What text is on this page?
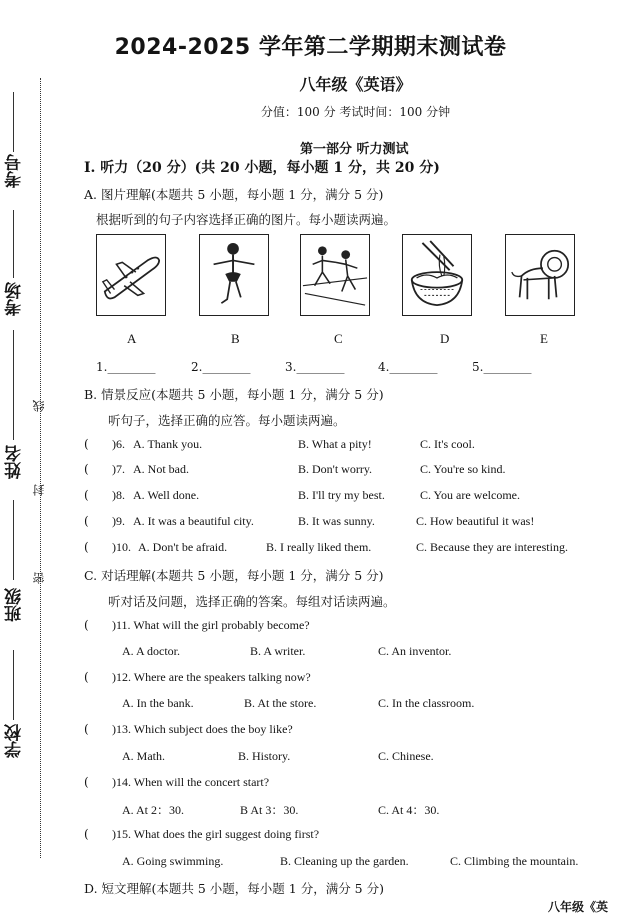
考号
考场
姓名
班级
学校
线
封
密
2024-2025 学年第二学期期末测试卷
八年级《英语》
分值：100 分 考试时间：100 分钟
第一部分 听力测试
Ⅰ. 听力（20 分）(共 20 小题，每小题 1 分，共 20 分)
A. 图片理解(本题共 5 小题，每小题 1 分，满分 5 分)
根据听到的句子内容选择正确的图片。每小题读两遍。
A	B	C	D	E
1.________	2.________	3.________	4.________	5.________
B. 情景反应(本题共 5 小题，每小题 1 分，满分 5 分)
听句子，选择正确的应答。每小题读两遍。
( )6. A. Thank you.	B. What a pity!	C. It's cool.
( )7. A. Not bad.	B. Don't worry.	C. You're so kind.
( )8. A. Well done.	B. I'll try my best.	C. You are welcome.
( )9. A. It was a beautiful city.	B. It was sunny.	C. How beautiful it was!
( )10. A. Don't be afraid.	B. I really liked them.	C. Because they are interesting.
C. 对话理解(本题共 5 小题，每小题 1 分，满分 5 分)
听对话及问题，选择正确的答案。每组对话读两遍。
( )11. What will the girl probably become?
A. A doctor.	B. A writer.	C. An inventor.
( )12. Where are the speakers talking now?
A. In the bank.	B. At the store.	C. In the classroom.
( )13. Which subject does the boy like?
A. Math.	B. History.	C. Chinese.
( )14. When will the concert start?
A. At 2：30.	B At 3：30.	C. At 4：30.
( )15. What does the girl suggest doing first?
A. Going swimming.	B. Cleaning up the garden.	C. Climbing the mountain.
D. 短文理解(本题共 5 小题，每小题 1 分，满分 5 分)
八年级《英
